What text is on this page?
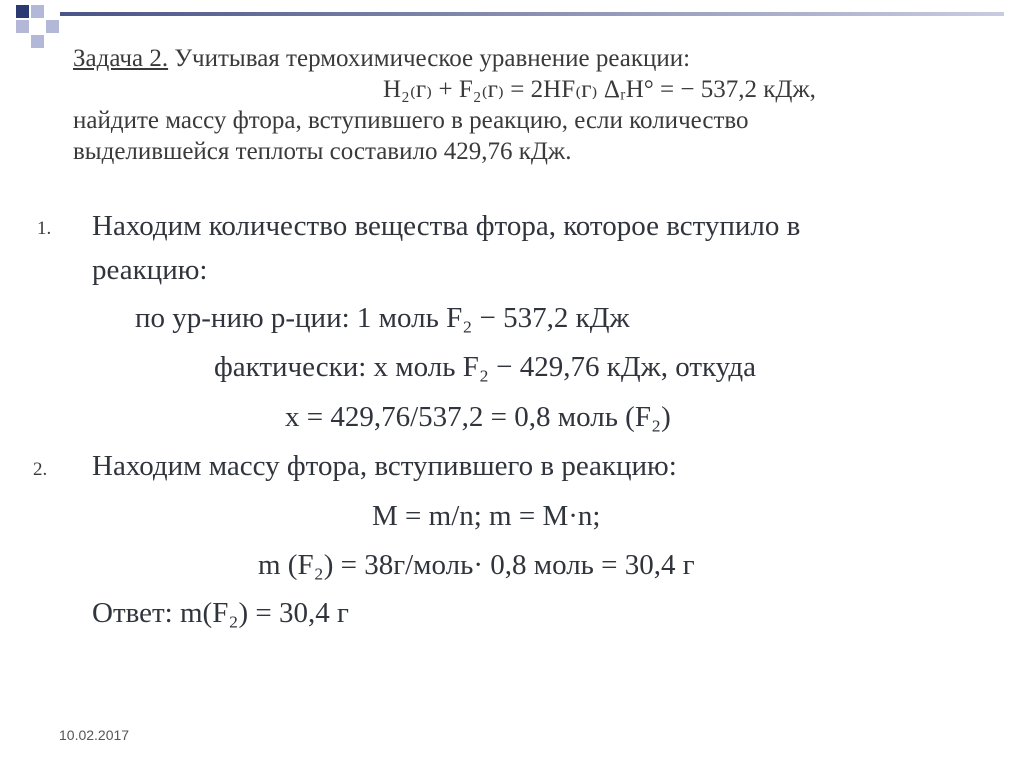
Задача 2. Учитывая термохимическое уравнение реакции:
H₂₍г₎ + F₂₍г₎ = 2HF₍г₎ ΔᵣH° = − 537,2 кДж,
найдите массу фтора, вступившего в реакцию, если количество
выделившейся теплоты составило 429,76 кДж.
1. Находим количество вещества фтора, которое вступило в
реакцию:
по ур-нию р-ции: 1 моль F₂ − 537,2 кДж
фактически: x моль F₂ − 429,76 кДж, откуда
x = 429,76/537,2 = 0,8 моль (F₂)
2. Находим массу фтора, вступившего в реакцию:
M = m/n; m = M·n;
m (F₂) = 38г/моль· 0,8 моль = 30,4 г
Ответ: m(F₂) = 30,4 г
10.02.2017
